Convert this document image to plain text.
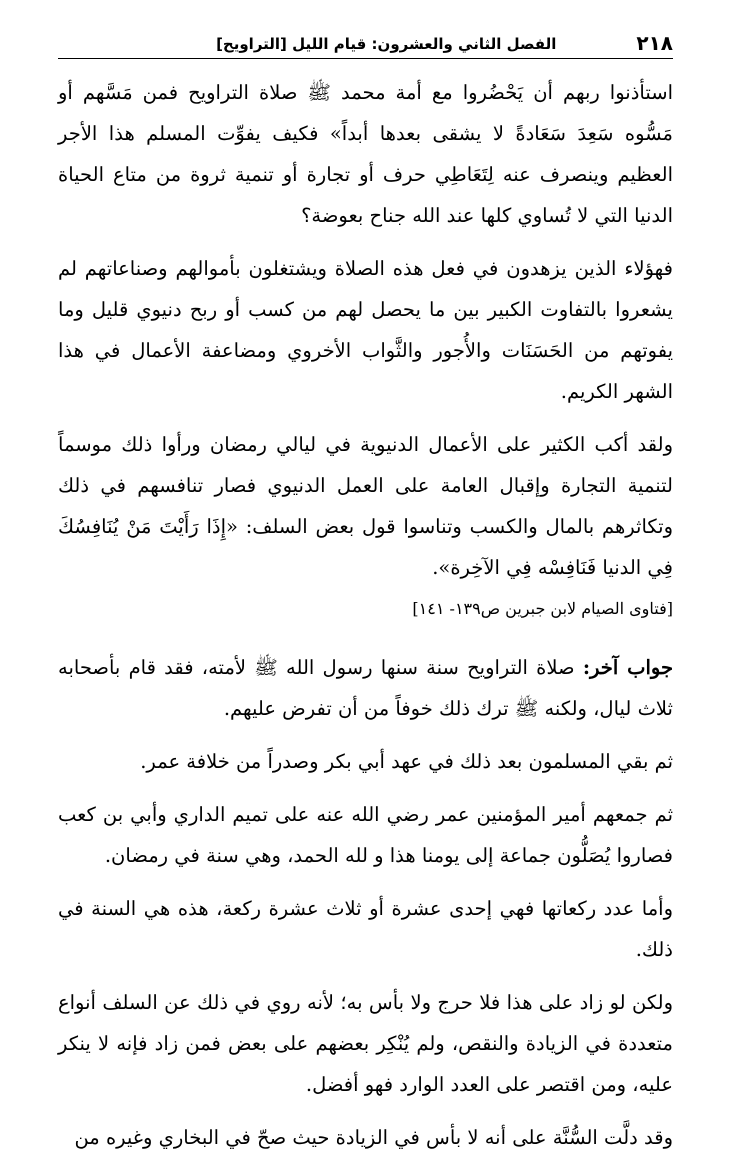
٢١٨
الفصل الثاني والعشرون: قيام الليل [التراويح]

استأذنوا ربهم أن يَحْضُروا مع أمة محمد ﷺ صلاة التراويح فمن مَسَّهم أو مَسُّوه سَعِدَ سَعَادةً لا يشقى بعدها أبداً» فكيف يفوِّت المسلم هذا الأجر العظيم وينصرف عنه لِتَعَاطِي حرف أو تجارة أو تنمية ثروة من متاع الحياة الدنيا التي لا تُساوي كلها عند الله جناح بعوضة؟

فهؤلاء الذين يزهدون في فعل هذه الصلاة ويشتغلون بأموالهم وصناعاتهم لم يشعروا بالتفاوت الكبير بين ما يحصل لهم من كسب أو ربح دنيوي قليل وما يفوتهم من الحَسَنَات والأُجور والثَّواب الأخروي ومضاعفة الأعمال في هذا الشهر الكريم.

ولقد أكب الكثير على الأعمال الدنيوية في ليالي رمضان ورأوا ذلك موسماً لتنمية التجارة وإقبال العامة على العمل الدنيوي فصار تنافسهم في ذلك وتكاثرهم بالمال والكسب وتناسوا قول بعض السلف: «إِذَا رَأَيْتَ مَنْ يُنَافِسُكَ فِي الدنيا فَنَافِسْه فِي الآخِرة».

[فتاوى الصيام لابن جبرين ص١٣٩- ١٤١]

جواب آخر: صلاة التراويح سنة سنها رسول الله ﷺ لأمته، فقد قام بأصحابه ثلاث ليال، ولكنه ﷺ ترك ذلك خوفاً من أن تفرض عليهم.

ثم بقي المسلمون بعد ذلك في عهد أبي بكر وصدراً من خلافة عمر.

ثم جمعهم أمير المؤمنين عمر رضي الله عنه على تميم الداري وأبي بن كعب فصاروا يُصَلُّون جماعة إلى يومنا هذا و لله الحمد، وهي سنة في رمضان.

وأما عدد ركعاتها فهي إحدى عشرة أو ثلاث عشرة ركعة، هذه هي السنة في ذلك.

ولكن لو زاد على هذا فلا حرج ولا بأس به؛ لأنه روي في ذلك عن السلف أنواع متعددة في الزيادة والنقص، ولم يُنْكِر بعضهم على بعض فمن زاد فإنه لا ينكر عليه، ومن اقتصر على العدد الوارد فهو أفضل.

وقد دلَّت السُّنَّة على أنه لا بأس في الزيادة حيث صحّ في البخاري وغيره من
